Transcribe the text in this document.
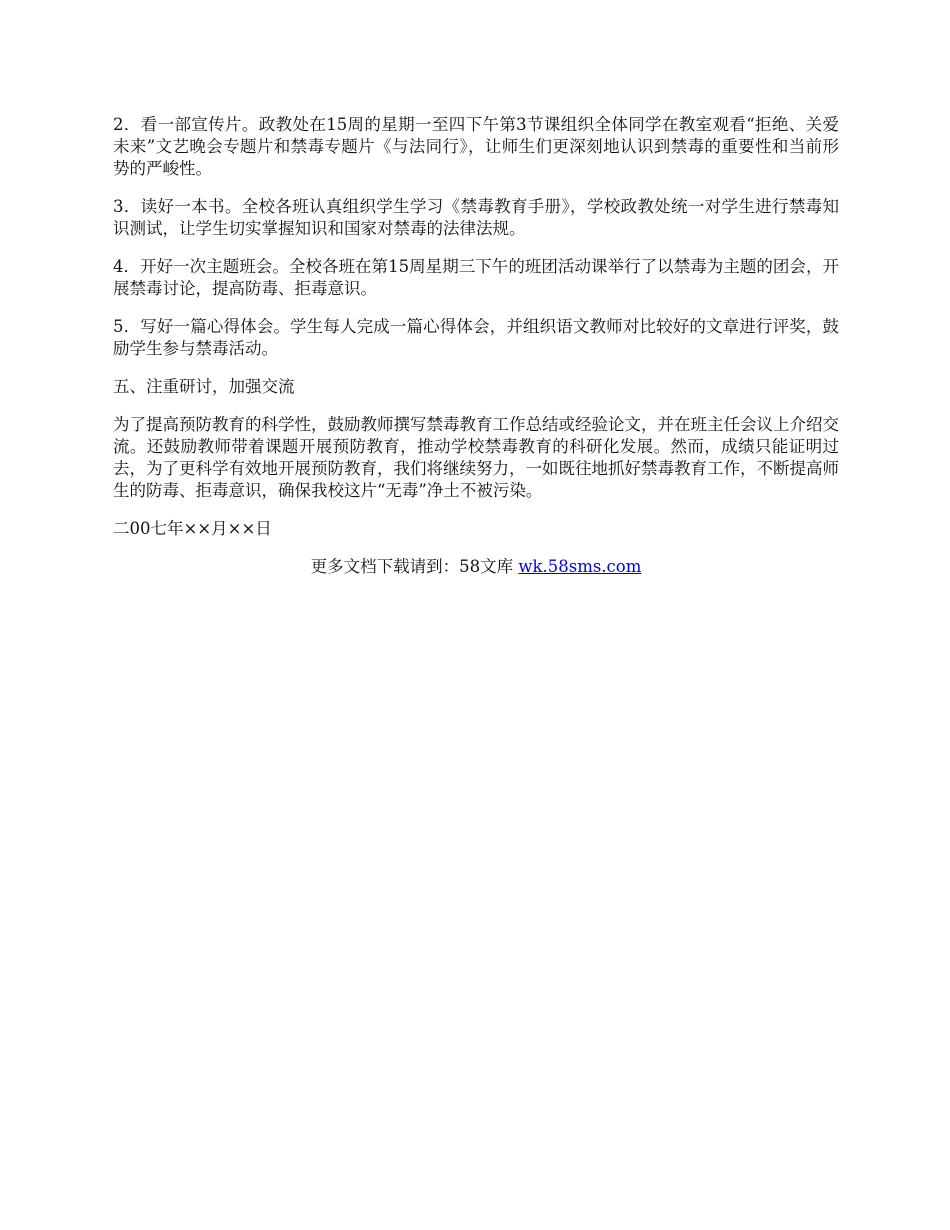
2．看一部宣传片。政教处在15周的星期一至四下午第3节课组织全体同学在教室观看“拒绝、关爱未来”文艺晚会专题片和禁毒专题片《与法同行》，让师生们更深刻地认识到禁毒的重要性和当前形势的严峻性。

3．读好一本书。全校各班认真组织学生学习《禁毒教育手册》，学校政教处统一对学生进行禁毒知识测试，让学生切实掌握知识和国家对禁毒的法律法规。

4．开好一次主题班会。全校各班在第15周星期三下午的班团活动课举行了以禁毒为主题的团会，开展禁毒讨论，提高防毒、拒毒意识。

5．写好一篇心得体会。学生每人完成一篇心得体会，并组织语文教师对比较好的文章进行评奖，鼓励学生参与禁毒活动。

五、注重研讨，加强交流

为了提高预防教育的科学性，鼓励教师撰写禁毒教育工作总结或经验论文，并在班主任会议上介绍交流。还鼓励教师带着课题开展预防教育，推动学校禁毒教育的科研化发展。然而，成绩只能证明过去，为了更科学有效地开展预防教育，我们将继续努力，一如既往地抓好禁毒教育工作，不断提高师生的防毒、拒毒意识，确保我校这片“无毒”净土不被污染。

二00七年××月××日

更多文档下载请到：58文库 wk.58sms.com
